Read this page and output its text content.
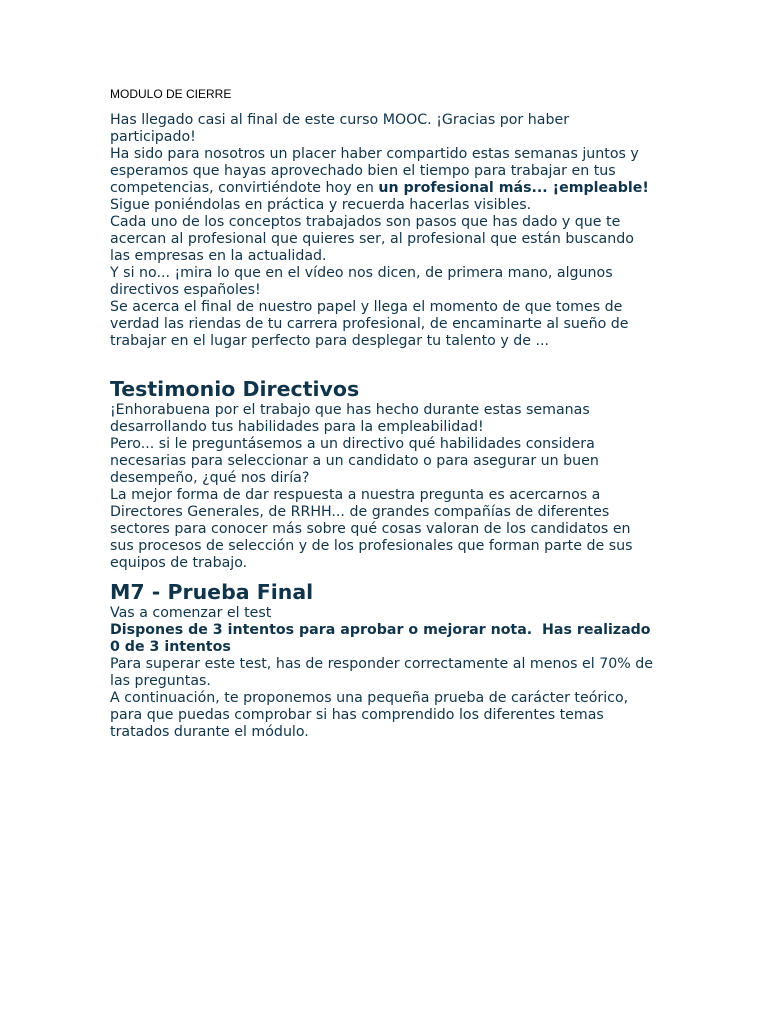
MODULO DE CIERRE

Has llegado casi al final de este curso MOOC. ¡Gracias por haber participado!

Ha sido para nosotros un placer haber compartido estas semanas juntos y esperamos que hayas aprovechado bien el tiempo para trabajar en tus competencias, convirtiéndote hoy en un profesional más... ¡empleable! Sigue poniéndolas en práctica y recuerda hacerlas visibles.

Cada uno de los conceptos trabajados son pasos que has dado y que te acercan al profesional que quieres ser, al profesional que están buscando las empresas en la actualidad.

Y si no... ¡mira lo que en el vídeo nos dicen, de primera mano, algunos directivos españoles!

Se acerca el final de nuestro papel y llega el momento de que tomes de verdad las riendas de tu carrera profesional, de encaminarte al sueño de trabajar en el lugar perfecto para desplegar tu talento y de ...

Testimonio Directivos

¡Enhorabuena por el trabajo que has hecho durante estas semanas desarrollando tus habilidades para la empleabilidad!

Pero... si le preguntásemos a un directivo qué habilidades considera necesarias para seleccionar a un candidato o para asegurar un buen desempeño, ¿qué nos diría?

La mejor forma de dar respuesta a nuestra pregunta es acercarnos a Directores Generales, de RRHH... de grandes compañías de diferentes sectores para conocer más sobre qué cosas valoran de los candidatos en sus procesos de selección y de los profesionales que forman parte de sus equipos de trabajo.

M7 - Prueba Final

Vas a comenzar el test

Dispones de 3 intentos para aprobar o mejorar nota.  Has realizado 0 de 3 intentos

Para superar este test, has de responder correctamente al menos el 70% de las preguntas.

A continuación, te proponemos una pequeña prueba de carácter teórico, para que puedas comprobar si has comprendido los diferentes temas tratados durante el módulo.
